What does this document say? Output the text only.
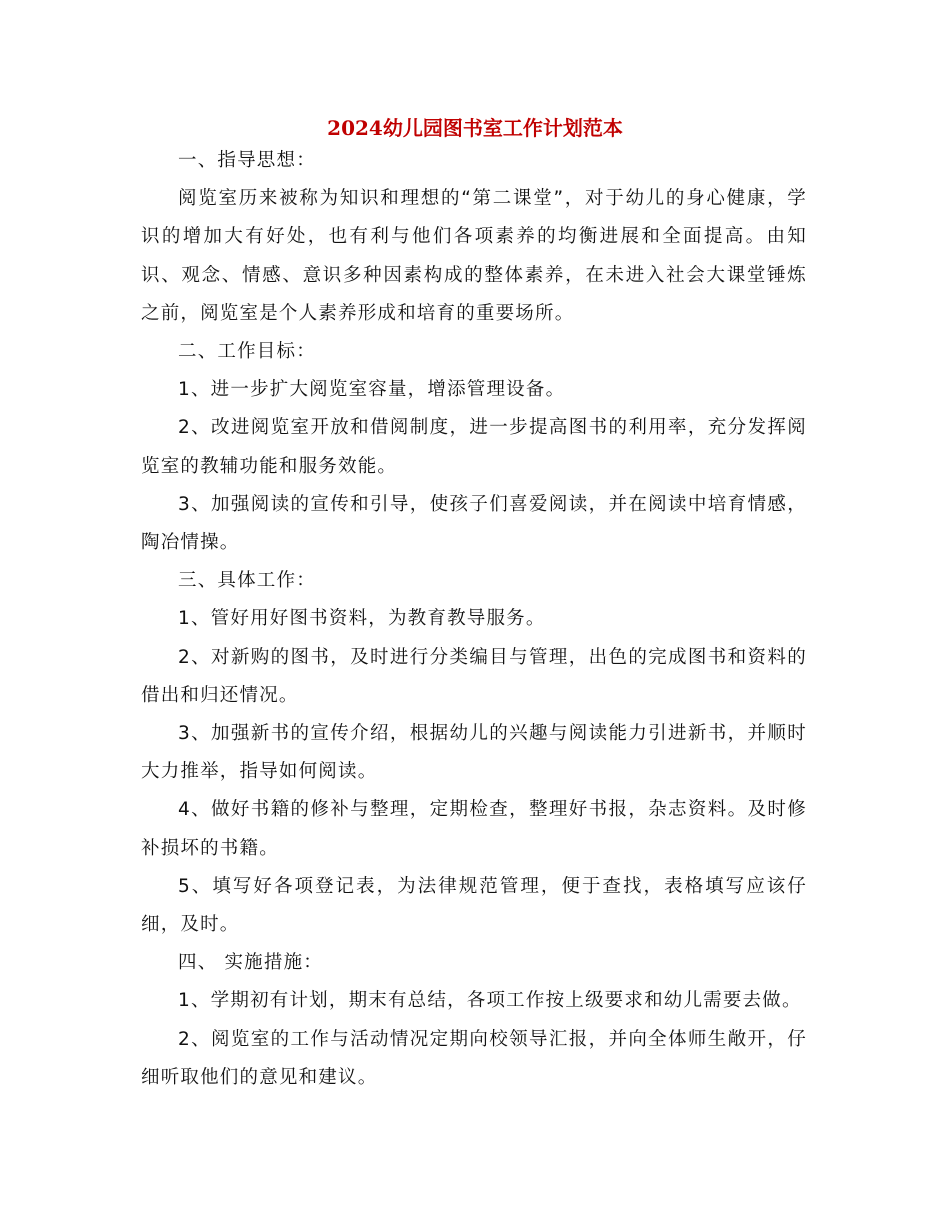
2024幼儿园图书室工作计划范本

一、指导思想：

阅览室历来被称为知识和理想的“第二课堂”，对于幼儿的身心健康，学识的增加大有好处，也有利与他们各项素养的均衡进展和全面提高。由知识、观念、情感、意识多种因素构成的整体素养，在未进入社会大课堂锤炼之前，阅览室是个人素养形成和培育的重要场所。

二、工作目标：

1、进一步扩大阅览室容量，增添管理设备。

2、改进阅览室开放和借阅制度，进一步提高图书的利用率，充分发挥阅览室的教辅功能和服务效能。

3、加强阅读的宣传和引导，使孩子们喜爱阅读，并在阅读中培育情感，陶冶情操。

三、具体工作：

1、管好用好图书资料，为教育教导服务。

2、对新购的图书，及时进行分类编目与管理，出色的完成图书和资料的借出和归还情况。

3、加强新书的宣传介绍，根据幼儿的兴趣与阅读能力引进新书，并顺时大力推举，指导如何阅读。

4、做好书籍的修补与整理，定期检查，整理好书报，杂志资料。及时修补损坏的书籍。

5、填写好各项登记表，为法律规范管理，便于查找，表格填写应该仔细，及时。

四、 实施措施：

1、学期初有计划，期末有总结，各项工作按上级要求和幼儿需要去做。

2、阅览室的工作与活动情况定期向校领导汇报，并向全体师生敞开，仔细听取他们的意见和建议。
